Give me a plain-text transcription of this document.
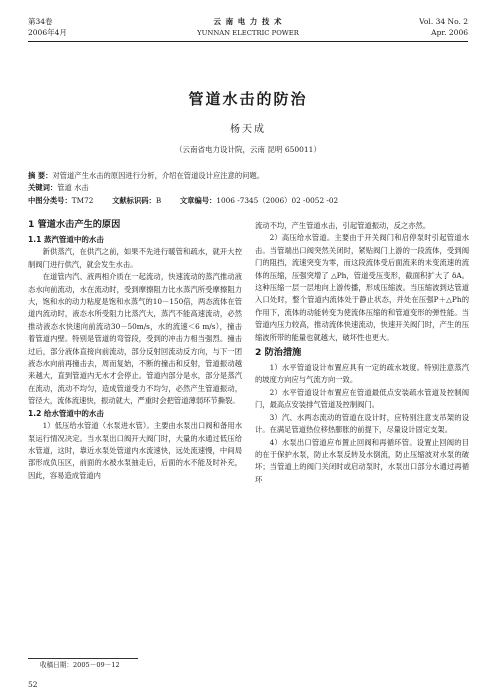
第34卷
2006年4月
云 南 电 力 技 术
YUNNAN ELECTRIC POWER
Vol. 34 No. 2
Apr. 2006
管道水击的防治
杨天成
（云南省电力设计院，云南 昆明 650011）
摘 要：对管道产生水击的原因进行分析，介绍在管道设计应注意的问题。
关键词：管道 水击
中图分类号：TM72	文献标识码：B	文章编号：1006 -7345（2006）02 -0052 -02
1 管道水击产生的原因
1.1 蒸汽管道中的水击

新供蒸汽，在供汽之前，如果不先进行暖管和疏水，就开大控制阀门进行供汽，就会发生水击。

在道管内汽、液两相介质在一起流动，快速流动的蒸汽推动液态水向前流动，水在流动时，受到摩擦阻力比水蒸汽所受摩擦阻力大，饱和水的动力粘度是饱和水蒸气的10－150倍，两态流体在管道内流动时，液态水所受阻力比蒸汽大，蒸汽不能高速流动，必然推动液态水快速向前流动30－50m/s，水的流速＜6 m/s），撞击着管道内壁。特别是管道的弯管段，受到的冲击力相当强烈。撞击过后，部分液体直接向前流动，部分反射回流动反方向，与下一团液态水向前再撞击去，周而复始，不断的撞击和反射，管道振动越来越大，直到管道内无水才会停止。管道内部分是水，部分是蒸汽在流动，流动不均匀，造成管道受力不均匀，必然产生管道振动，管径大，流体流速快，振动就大，严重时会把管道薄弱环节撕裂。

1.2 给水管道中的水击

1）低压给水管道（水泵进水管）。主要由水泵出口阀和备用水泵运行情况决定。当水泵出口阀开大阀门时，大量的水通过低压给水管道，这时，靠近水泵处管道内水流速快，远处流速慢，中间局部形成负压区，前面的水被水泵抽走后，后面的水不能及时补充，因此，容易造成管道内

收稿日期：2005－09－12
52

流动不均，产生管道水击，引起管道振动，反之亦然。

2）高压给水管道。主要由于开关阀门和启停泵时引起管道水击。当管端出口阀突然关闭时，紧贴阀门上游的一段流体，受到阀门的阻挡，流速突变为零，而这段流体受后面流来的未变流速的流体的压缩，压强突增了 △Ph，管道受压变形，截面积扩大了 δA。这种压缩一层一层地向上游传播，形成压缩波。当压缩波到达管道入口处时，整个管道内流体处于静止状态，并处在压强P＋△Ph的作用下，流体的动能转变为使流体压缩的和管道变形的弹性能。当管道内压力较高，推动流体快速流动，快速开关阀门时，产生的压缩波所带的能量也就越大，破坏性也更大。

2 防治措施

1）水平管道设计布置应具有一定的疏水坡度。特别注意蒸汽的坡度方向应与气流方向一致。

2）水平管道设计布置应在管道最低点安装疏水管道及控制阀门，最高点安装排气管道及控制阀门。

3）汽、水两态流动的管道在设计时，应特别注意支吊架的设计。在满足管道热位移热膨胀的前提下，尽量设计固定支架。

4）水泵出口管道应布置止回阀和再循环管。设置止回阀的目的在于保护水泵，防止水泵反转及水倒流，防止压缩波对水泵的破坏；当管道上的阀门关闭时或启动泵时，水泵出口部分水通过再循环
